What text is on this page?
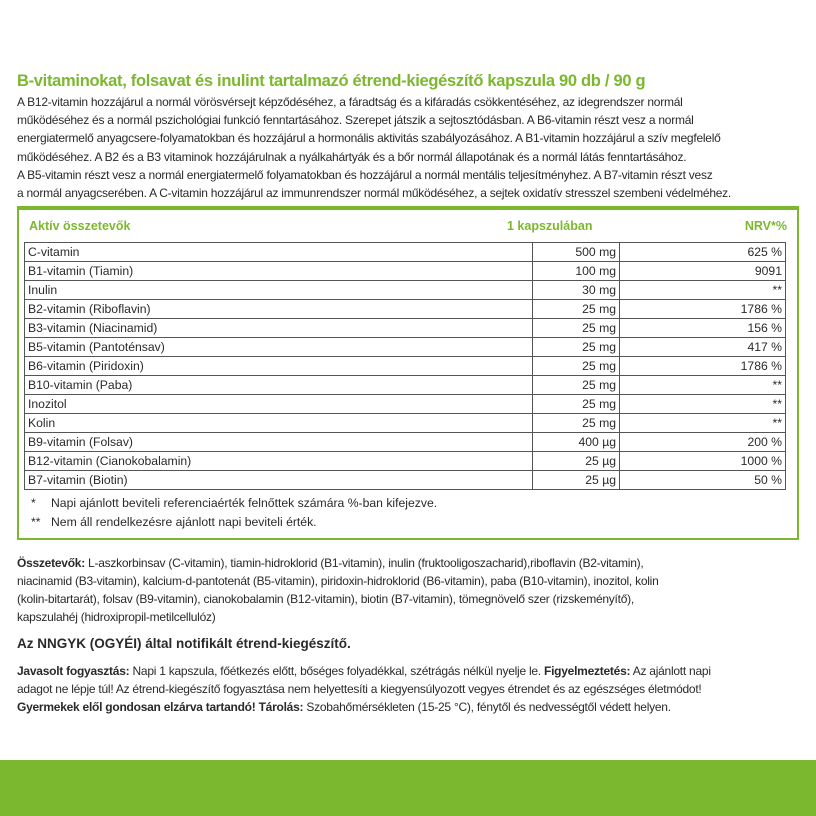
B-vitaminokat, folsavat és inulint tartalmazó étrend-kiegészítő kapszula 90 db / 90 g

A B12-vitamin hozzájárul a normál vörösvérsejt képződéséhez, a fáradtság és a kifáradás csökkentéséhez, az idegrendszer normál

működéséhez és a normál pszichológiai funkció fenntartásához. Szerepet játszik a sejtosztódásban. A B6-vitamin részt vesz a normál

energiatermelő anyagcsere-folyamatokban és hozzájárul a hormonális aktivitás szabályozásához. A B1-vitamin hozzájárul a szív megfelelő

működéséhez. A B2 és a B3 vitaminok hozzájárulnak a nyálkahártyák és a bőr normál állapotának és a normál látás fenntartásához.

A B5-vitamin részt vesz a normál energiatermelő folyamatokban és hozzájárul a normál mentális teljesítményhez. A B7-vitamin részt vesz

a normál anyagcserében. A C-vitamin hozzájárul az immunrendszer normál működéséhez, a sejtek oxidatív stresszel szembeni védelméhez.

Aktív összetevők	1 kapszulában	NRV*%
C-vitamin	500 mg	625 %
B1-vitamin (Tiamin)	100 mg	9091
Inulin	30 mg	**
B2-vitamin (Riboflavin)	25 mg	1786 %
B3-vitamin (Niacinamid)	25 mg	156 %
B5-vitamin (Pantoténsav)	25 mg	417 %
B6-vitamin (Piridoxin)	25 mg	1786 %
B10-vitamin (Paba)	25 mg	**
Inozitol	25 mg	**
Kolin	25 mg	**
B9-vitamin (Folsav)	400 µg	200 %
B12-vitamin (Cianokobalamin)	25 µg	1000 %
B7-vitamin (Biotin)	25 µg	50 %
* Napi ajánlott beviteli referenciaérték felnőttek számára %-ban kifejezve.
** Nem áll rendelkezésre ajánlott napi beviteli érték.

Összetevők: L-aszkorbinsav (C-vitamin), tiamin-hidroklorid (B1-vitamin), inulin (fruktooligoszacharid),riboflavin (B2-vitamin),

niacinamid (B3-vitamin), kalcium-d-pantotenát (B5-vitamin), piridoxin-hidroklorid (B6-vitamin), paba (B10-vitamin), inozitol, kolin

(kolin-bitartarát), folsav (B9-vitamin), cianokobalamin (B12-vitamin), biotin (B7-vitamin), tömegnövelő szer (rizskeményítő),

kapszulahéj (hidroxipropil-metilcellulóz)

Az NNGYK (OGYÉI) által notifikált étrend-kiegészítő.

Javasolt fogyasztás: Napi 1 kapszula, főétkezés előtt, bőséges folyadékkal, szétrágás nélkül nyelje le. Figyelmeztetés: Az ajánlott napi

adagot ne lépje túl! Az étrend-kiegészítő fogyasztása nem helyettesíti a kiegyensúlyozott vegyes étrendet és az egészséges életmódot!

Gyermekek elől gondosan elzárva tartandó! Tárolás: Szobahőmérsékleten (15-25 °C), fénytől és nedvességtől védett helyen.
